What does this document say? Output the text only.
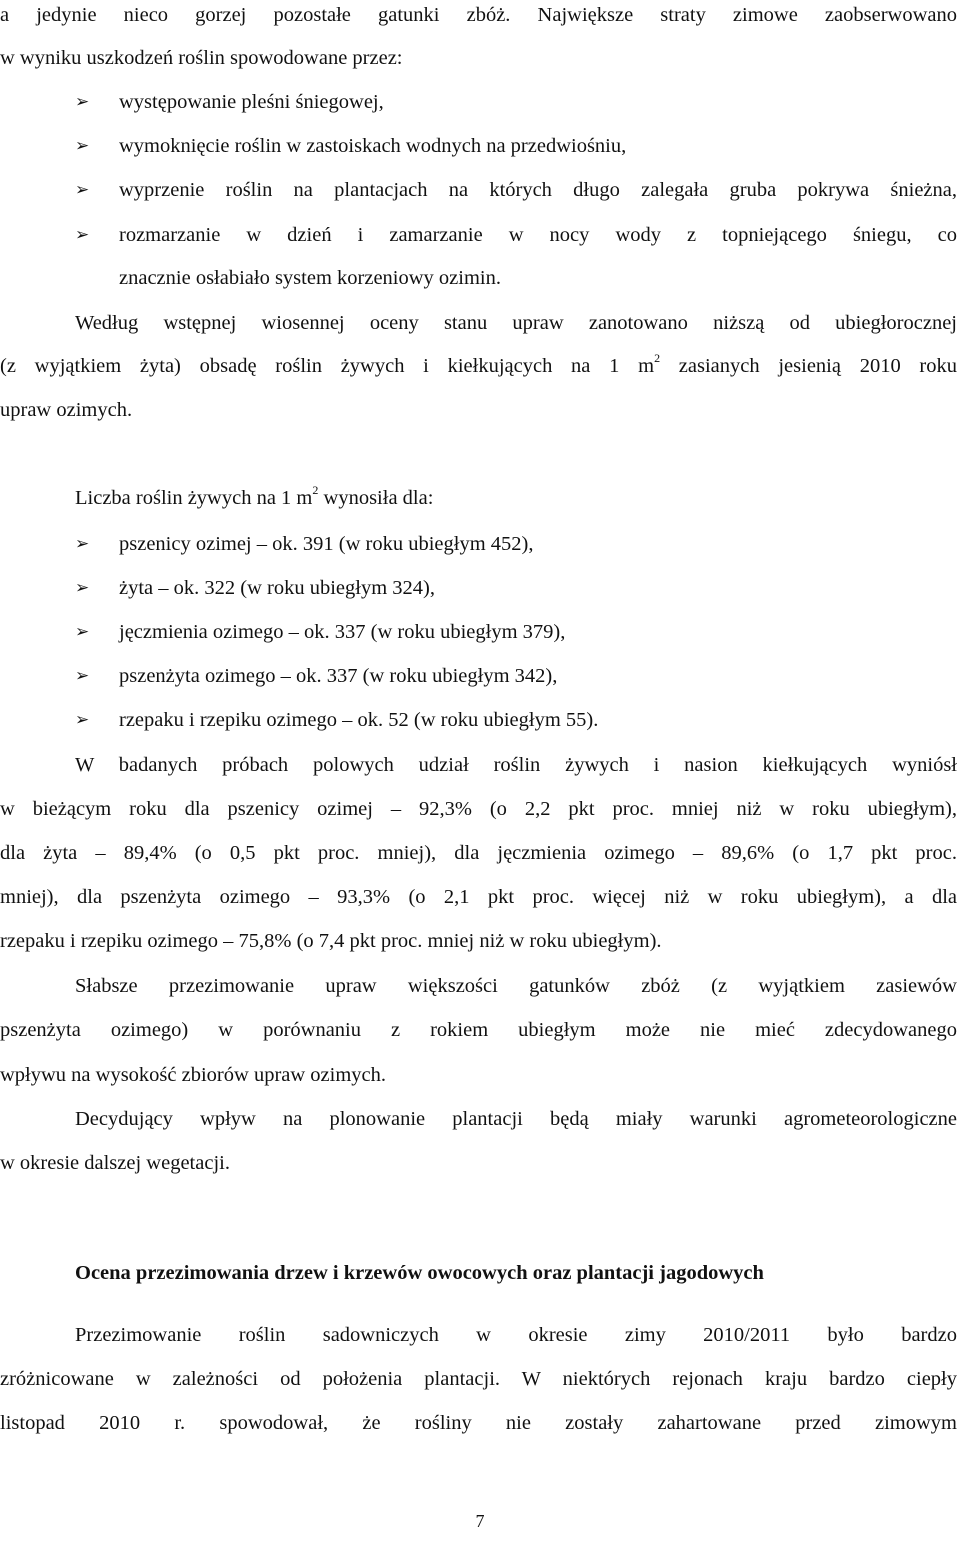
a jedynie nieco gorzej pozostałe gatunki zbóż. Największe straty zimowe zaobserwowano
w wyniku uszkodzeń roślin spowodowane przez:
➢ występowanie pleśni śniegowej,
➢ wymoknięcie roślin w zastoiskach wodnych na przedwiośniu,
➢ wyprzenie roślin na plantacjach na których długo zalegała gruba pokrywa śnieżna,
➢ rozmarzanie w dzień i zamarzanie w nocy wody z topniejącego śniegu, co
znacznie osłabiało system korzeniowy ozimin.
Według wstępnej wiosennej oceny stanu upraw zanotowano niższą od ubiegłorocznej
(z wyjątkiem żyta) obsadę roślin żywych i kiełkujących na 1 $m^2$ zasianych jesienią 2010 roku
upraw ozimych.
Liczba roślin żywych na 1 $m^2$ wynosiła dla:
➢ pszenicy ozimej – ok. 391 (w roku ubiegłym 452),
➢ żyta – ok. 322 (w roku ubiegłym 324),
➢ jęczmienia ozimego – ok. 337 (w roku ubiegłym 379),
➢ pszenżyta ozimego – ok. 337 (w roku ubiegłym 342),
➢ rzepaku i rzepiku ozimego – ok. 52 (w roku ubiegłym 55).
W badanych próbach polowych udział roślin żywych i nasion kiełkujących wyniósł
w bieżącym roku dla pszenicy ozimej – 92,3% (o 2,2 pkt proc. mniej niż w roku ubiegłym),
dla żyta – 89,4% (o 0,5 pkt proc. mniej), dla jęczmienia ozimego – 89,6% (o 1,7 pkt proc.
mniej), dla pszenżyta ozimego – 93,3% (o 2,1 pkt proc. więcej niż w roku ubiegłym), a dla
rzepaku i rzepiku ozimego – 75,8% (o 7,4 pkt proc. mniej niż w roku ubiegłym).
Słabsze przezimowanie upraw większości gatunków zbóż (z wyjątkiem zasiewów
pszenżyta ozimego) w porównaniu z rokiem ubiegłym może nie mieć zdecydowanego
wpływu na wysokość zbiorów upraw ozimych.
Decydujący wpływ na plonowanie plantacji będą miały warunki agrometeorologiczne
w okresie dalszej wegetacji.
Ocena przezimowania drzew i krzewów owocowych oraz plantacji jagodowych
Przezimowanie roślin sadowniczych w okresie zimy 2010/2011 było bardzo
zróżnicowane w zależności od położenia plantacji. W niektórych rejonach kraju bardzo ciepły
listopad 2010 r. spowodował, że rośliny nie zostały zahartowane przed zimowym
7
